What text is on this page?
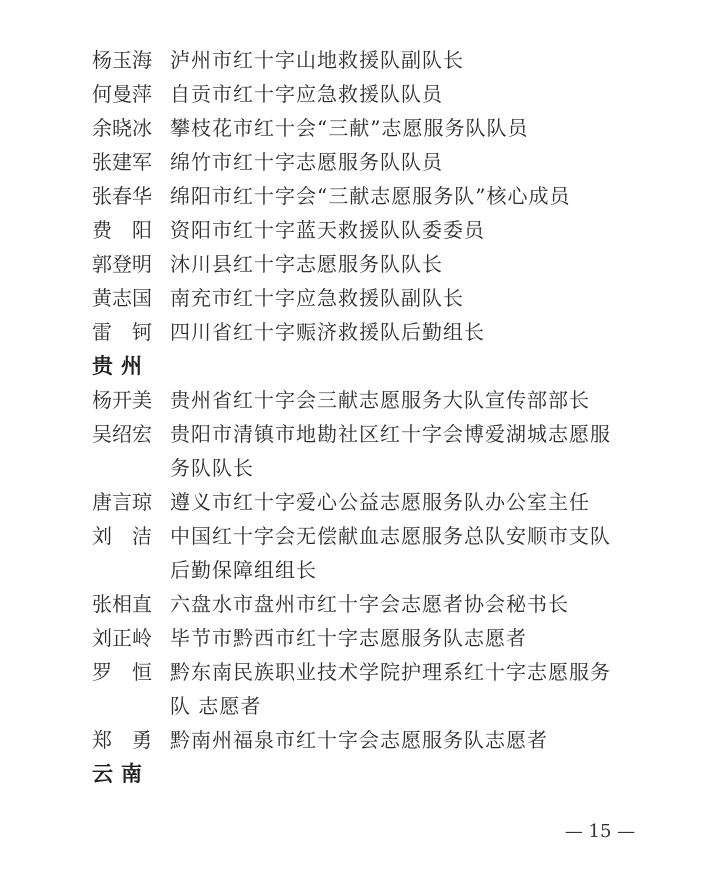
杨玉海 泸州市红十字山地救援队副队长
何曼萍 自贡市红十字应急救援队队员
余晓冰 攀枝花市红十会“三献”志愿服务队队员
张建军 绵竹市红十字志愿服务队队员
张春华 绵阳市红十字会“三献志愿服务队”核心成员
费　阳 资阳市红十字蓝天救援队队委委员
郭登明 沐川县红十字志愿服务队队长
黄志国 南充市红十字应急救援队副队长
雷　钶 四川省红十字赈济救援队后勤组长
贵州
杨开美 贵州省红十字会三献志愿服务大队宣传部部长
吴绍宏 贵阳市清镇市地勘社区红十字会博爱湖城志愿服务队队长
唐言琼 遵义市红十字爱心公益志愿服务队办公室主任
刘　洁 中国红十字会无偿献血志愿服务总队安顺市支队后勤保障组组长
张相直 六盘水市盘州市红十字会志愿者协会秘书长
刘正岭 毕节市黔西市红十字志愿服务队志愿者
罗　恒 黔东南民族职业技术学院护理系红十字志愿服务队 志愿者
郑　勇 黔南州福泉市红十字会志愿服务队志愿者
云南
— 15 —
